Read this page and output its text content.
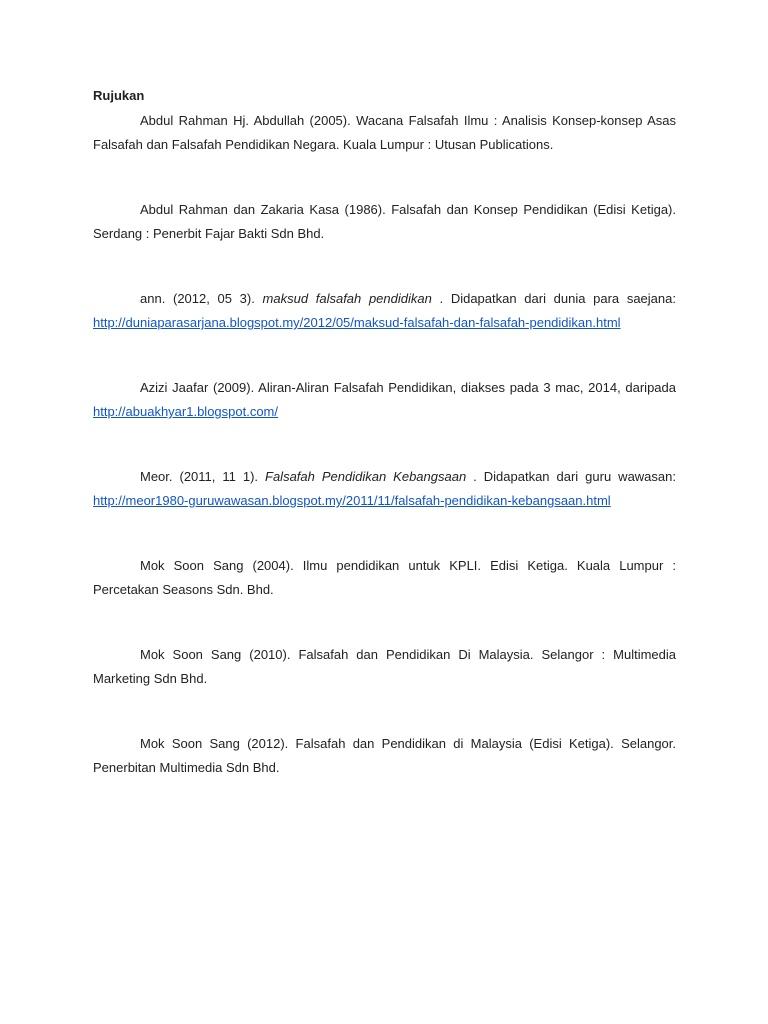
Rujukan

Abdul Rahman Hj. Abdullah (2005). Wacana Falsafah Ilmu : Analisis Konsep-konsep Asas Falsafah dan Falsafah Pendidikan Negara. Kuala Lumpur : Utusan Publications.

Abdul Rahman dan Zakaria Kasa (1986). Falsafah dan Konsep Pendidikan (Edisi Ketiga). Serdang : Penerbit Fajar Bakti Sdn Bhd.

ann. (2012, 05 3). maksud falsafah pendidikan . Didapatkan dari dunia para saejana: http://duniaparasarjana.blogspot.my/2012/05/maksud-falsafah-dan-falsafah-pendidikan.html

Azizi Jaafar (2009). Aliran-Aliran Falsafah Pendidikan, diakses pada 3 mac, 2014, daripada http://abuakhyar1.blogspot.com/

Meor. (2011, 11 1). Falsafah Pendidikan Kebangsaan . Didapatkan dari guru wawasan: http://meor1980-guruwawasan.blogspot.my/2011/11/falsafah-pendidikan-kebangsaan.html

Mok Soon Sang (2004). Ilmu pendidikan untuk KPLI. Edisi Ketiga. Kuala Lumpur : Percetakan Seasons Sdn. Bhd.

Mok Soon Sang (2010). Falsafah dan Pendidikan Di Malaysia. Selangor : Multimedia Marketing Sdn Bhd.

Mok Soon Sang (2012). Falsafah dan Pendidikan di Malaysia (Edisi Ketiga). Selangor. Penerbitan Multimedia Sdn Bhd.
